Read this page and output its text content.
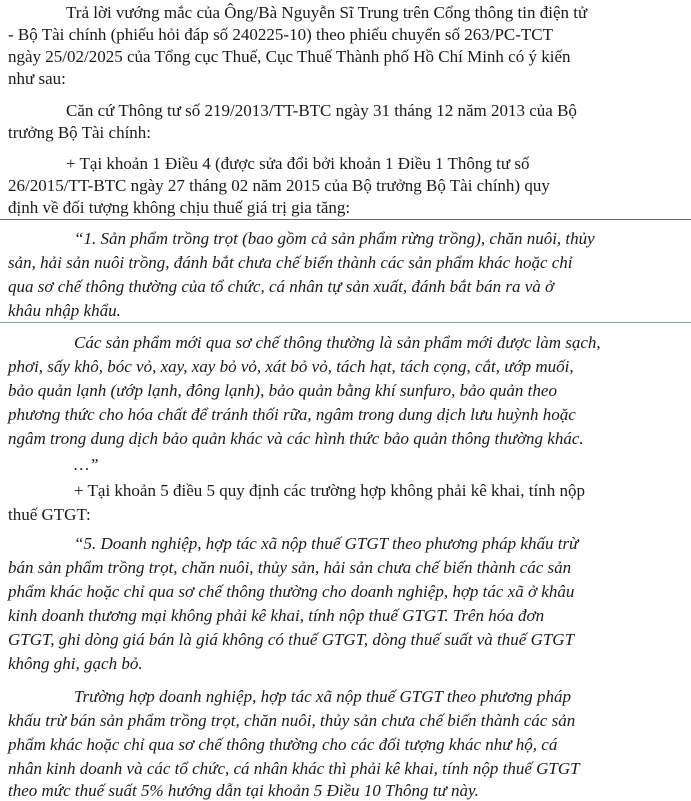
Trả lời vướng mắc của Ông/Bà Nguyễn Sĩ Trung trên Cổng thông tin điện tử
- Bộ Tài chính (phiếu hỏi đáp số 240225-10) theo phiếu chuyển số 263/PC-TCT
ngày 25/02/2025 của Tổng cục Thuế, Cục Thuế Thành phố Hồ Chí Minh có ý kiến
như sau:
Căn cứ Thông tư số 219/2013/TT-BTC ngày 31 tháng 12 năm 2013 của Bộ
trưởng Bộ Tài chính:
+ Tại khoản 1 Điều 4 (được sửa đổi bởi khoản 1 Điều 1 Thông tư số
26/2015/TT-BTC ngày 27 tháng 02 năm 2015 của Bộ trưởng Bộ Tài chính) quy
định về đối tượng không chịu thuế giá trị gia tăng:
“1. Sản phẩm trồng trọt (bao gồm cả sản phẩm rừng trồng), chăn nuôi, thủy
sản, hải sản nuôi trồng, đánh bắt chưa chế biến thành các sản phẩm khác hoặc chỉ
qua sơ chế thông thường của tổ chức, cá nhân tự sản xuất, đánh bắt bán ra và ở
khâu nhập khẩu.
Các sản phẩm mới qua sơ chế thông thường là sản phẩm mới được làm sạch,
phơi, sấy khô, bóc vỏ, xay, xay bỏ vỏ, xát bỏ vỏ, tách hạt, tách cọng, cắt, ướp muối,
bảo quản lạnh (ướp lạnh, đông lạnh), bảo quản bằng khí sunfuro, bảo quản theo
phương thức cho hóa chất để tránh thối rữa, ngâm trong dung dịch lưu huỳnh hoặc
ngâm trong dung dịch bảo quản khác và các hình thức bảo quản thông thường khác.
…”
+ Tại khoản 5 điều 5 quy định các trường hợp không phải kê khai, tính nộp
thuế GTGT:
“5. Doanh nghiệp, hợp tác xã nộp thuế GTGT theo phương pháp khấu trừ
bán sản phẩm trồng trọt, chăn nuôi, thủy sản, hải sản chưa chế biến thành các sản
phẩm khác hoặc chỉ qua sơ chế thông thường cho doanh nghiệp, hợp tác xã ở khâu
kinh doanh thương mại không phải kê khai, tính nộp thuế GTGT. Trên hóa đơn
GTGT, ghi dòng giá bán là giá không có thuế GTGT, dòng thuế suất và thuế GTGT
không ghi, gạch bỏ.
Trường hợp doanh nghiệp, hợp tác xã nộp thuế GTGT theo phương pháp
khấu trừ bán sản phẩm trồng trọt, chăn nuôi, thủy sản chưa chế biến thành các sản
phẩm khác hoặc chỉ qua sơ chế thông thường cho các đối tượng khác như hộ, cá
nhân kinh doanh và các tổ chức, cá nhân khác thì phải kê khai, tính nộp thuế GTGT
theo mức thuế suất 5% hướng dẫn tại khoản 5 Điều 10 Thông tư này.
